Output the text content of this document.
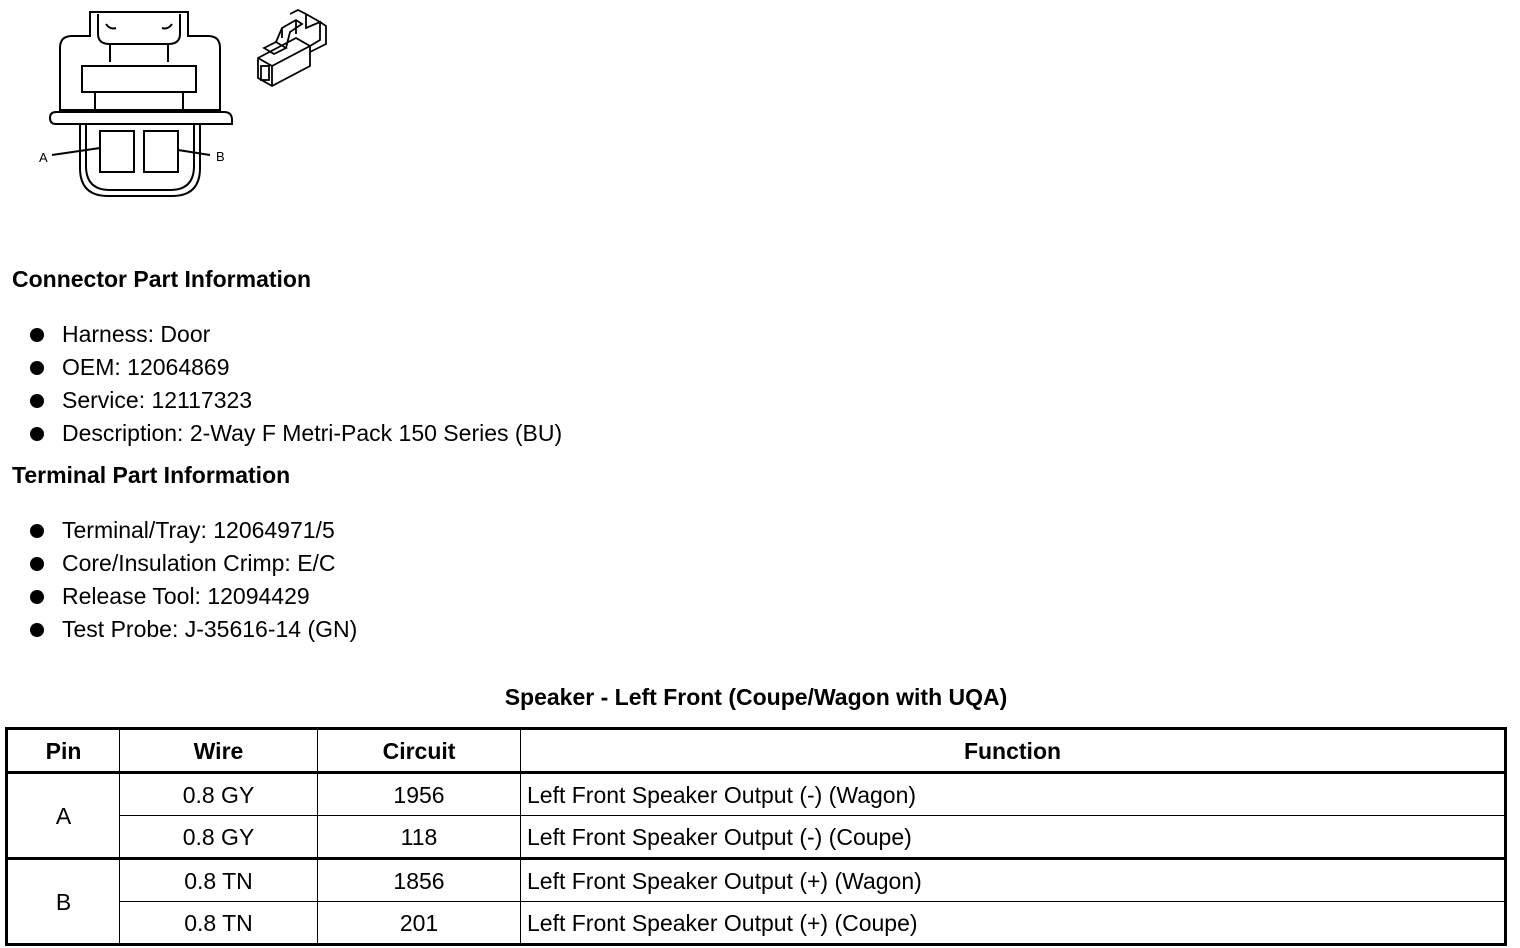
A	B
Connector Part Information
Harness: Door
OEM: 12064869
Service: 12117323
Description: 2-Way F Metri-Pack 150 Series (BU)
Terminal Part Information
Terminal/Tray: 12064971/5
Core/Insulation Crimp: E/C
Release Tool: 12094429
Test Probe: J-35616-14 (GN)
Speaker - Left Front (Coupe/Wagon with UQA)
Pin	Wire	Circuit	Function
A	0.8 GY	1956	Left Front Speaker Output (-) (Wagon)
	0.8 GY	118	Left Front Speaker Output (-) (Coupe)
B	0.8 TN	1856	Left Front Speaker Output (+) (Wagon)
	0.8 TN	201	Left Front Speaker Output (+) (Coupe)
